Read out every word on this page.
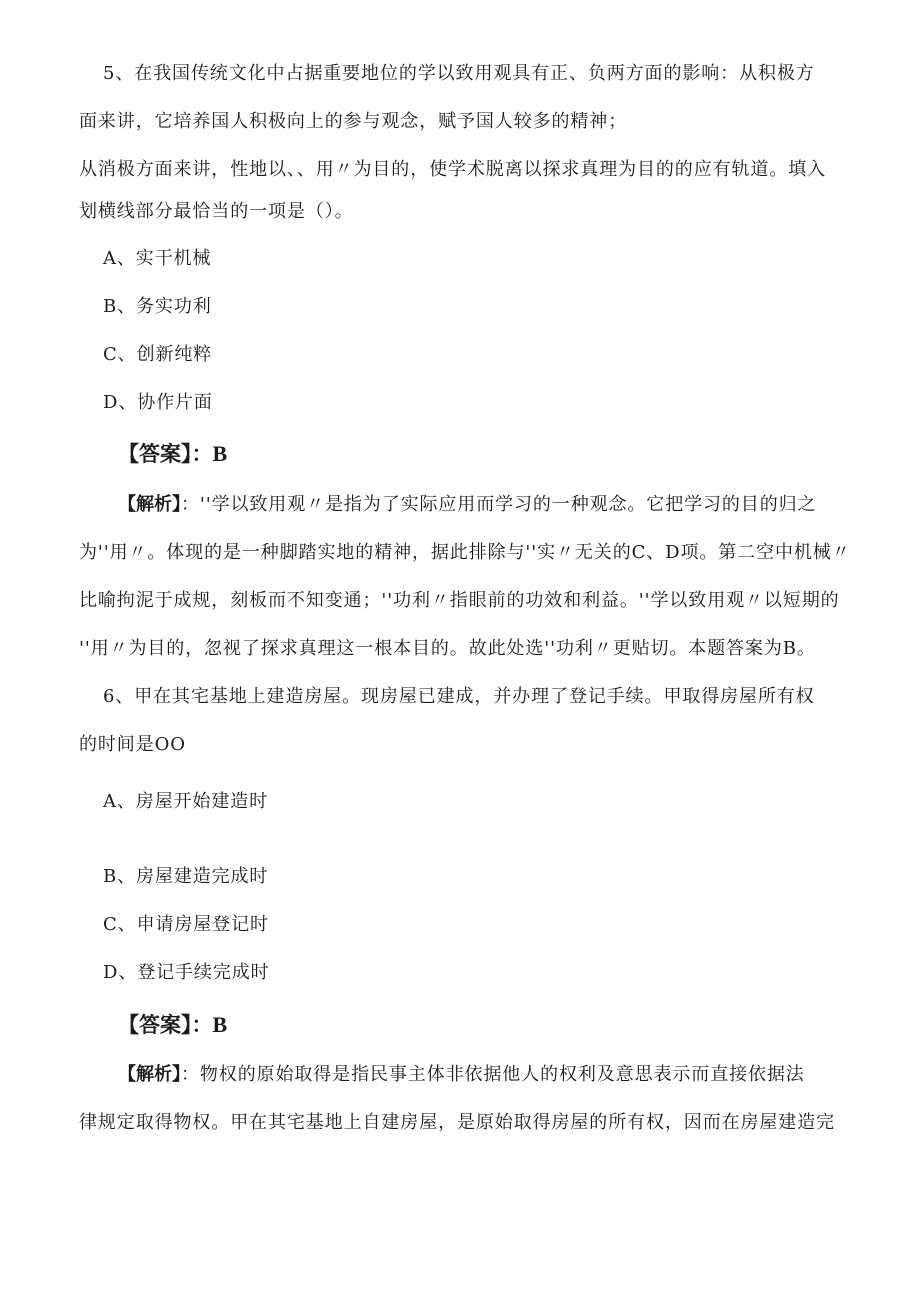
5、在我国传统文化中占据重要地位的学以致用观具有正、负两方面的影响：从积极方
面来讲，它培养国人积极向上的参与观念，赋予国人较多的精神；
从消极方面来讲，性地以、、用〃为目的，使学术脱离以探求真理为目的的应有轨道。填入
划横线部分最恰当的一项是（）。
A、实干机械
B、务实功利
C、创新纯粹
D、协作片面
【答案】：B
【解析】：''学以致用观〃是指为了实际应用而学习的一种观念。它把学习的目的归之
为''用〃。体现的是一种脚踏实地的精神，据此排除与''实〃无关的C、D项。第二空中机械〃
比喻拘泥于成规，刻板而不知变通；''功利〃指眼前的功效和利益。''学以致用观〃以短期的
''用〃为目的，忽视了探求真理这一根本目的。故此处选''功利〃更贴切。本题答案为B。
6、甲在其宅基地上建造房屋。现房屋已建成，并办理了登记手续。甲取得房屋所有权
的时间是OO
A、房屋开始建造时
B、房屋建造完成时
C、申请房屋登记时
D、登记手续完成时
【答案】：B
【解析】：物权的原始取得是指民事主体非依据他人的权利及意思表示而直接依据法
律规定取得物权。甲在其宅基地上自建房屋，是原始取得房屋的所有权，因而在房屋建造完
